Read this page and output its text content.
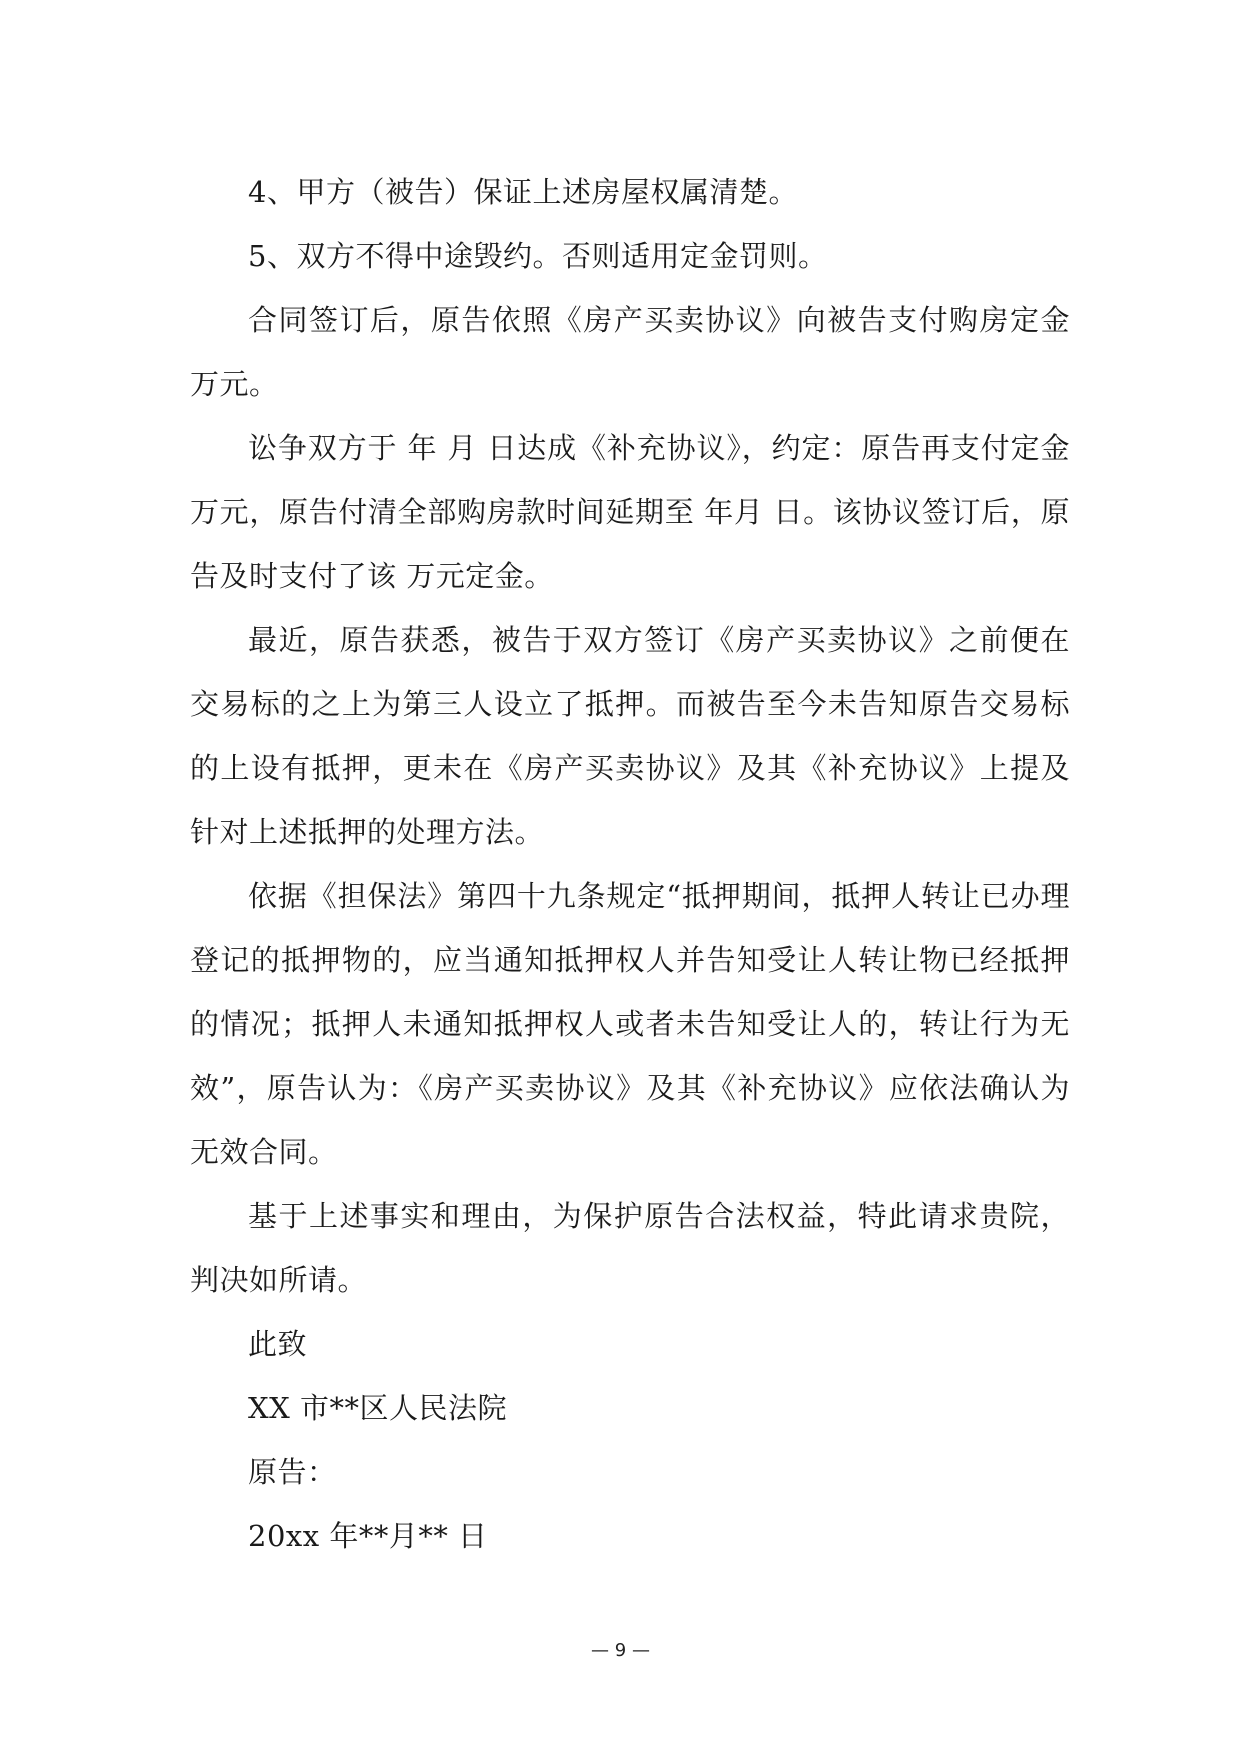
4、甲方（被告）保证上述房屋权属清楚。

5、双方不得中途毁约。否则适用定金罚则。

合同签订后，原告依照《房产买卖协议》向被告支付购房定金 万元。

讼争双方于 年 月 日达成《补充协议》，约定：原告再支付定金 万元，原告付清全部购房款时间延期至 年月 日。该协议签订后，原告及时支付了该 万元定金。

最近，原告获悉，被告于双方签订《房产买卖协议》之前便在交易标的之上为第三人设立了抵押。而被告至今未告知原告交易标的上设有抵押，更未在《房产买卖协议》及其《补充协议》上提及针对上述抵押的处理方法。

依据《担保法》第四十九条规定“抵押期间，抵押人转让已办理登记的抵押物的，应当通知抵押权人并告知受让人转让物已经抵押的情况；抵押人未通知抵押权人或者未告知受让人的，转让行为无效”，原告认为：《房产买卖协议》及其《补充协议》应依法确认为无效合同。

基于上述事实和理由，为保护原告合法权益，特此请求贵院，判决如所请。

此致

XX 市**区人民法院

原告：

20xx 年**月** 日

— 9 —
